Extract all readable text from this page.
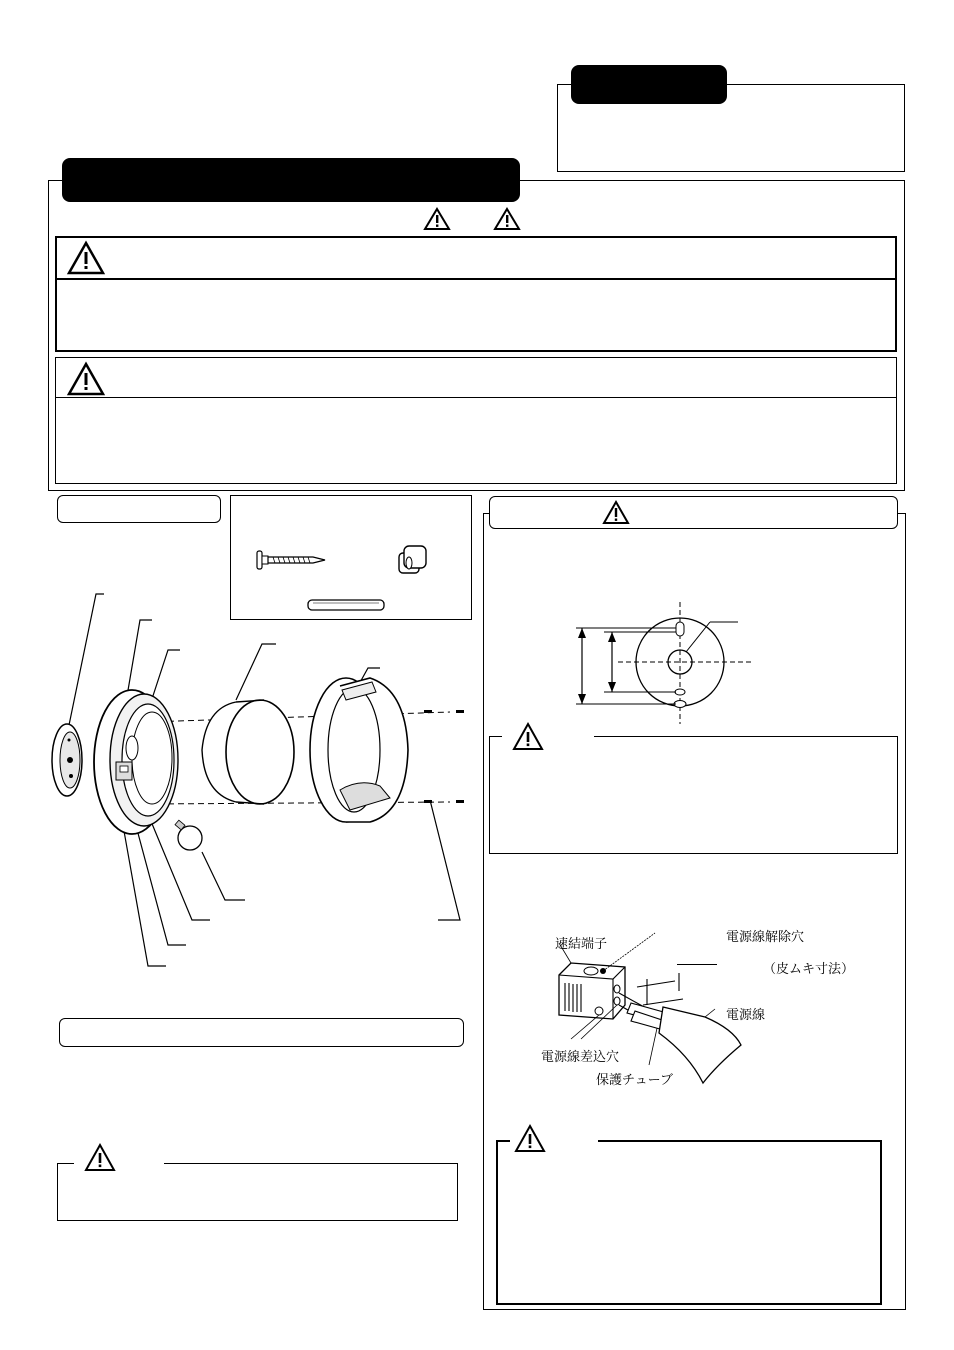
速結端子	電源線解除穴
（皮ムキ寸法）
電源線
電源線差込穴
保護チューブ
